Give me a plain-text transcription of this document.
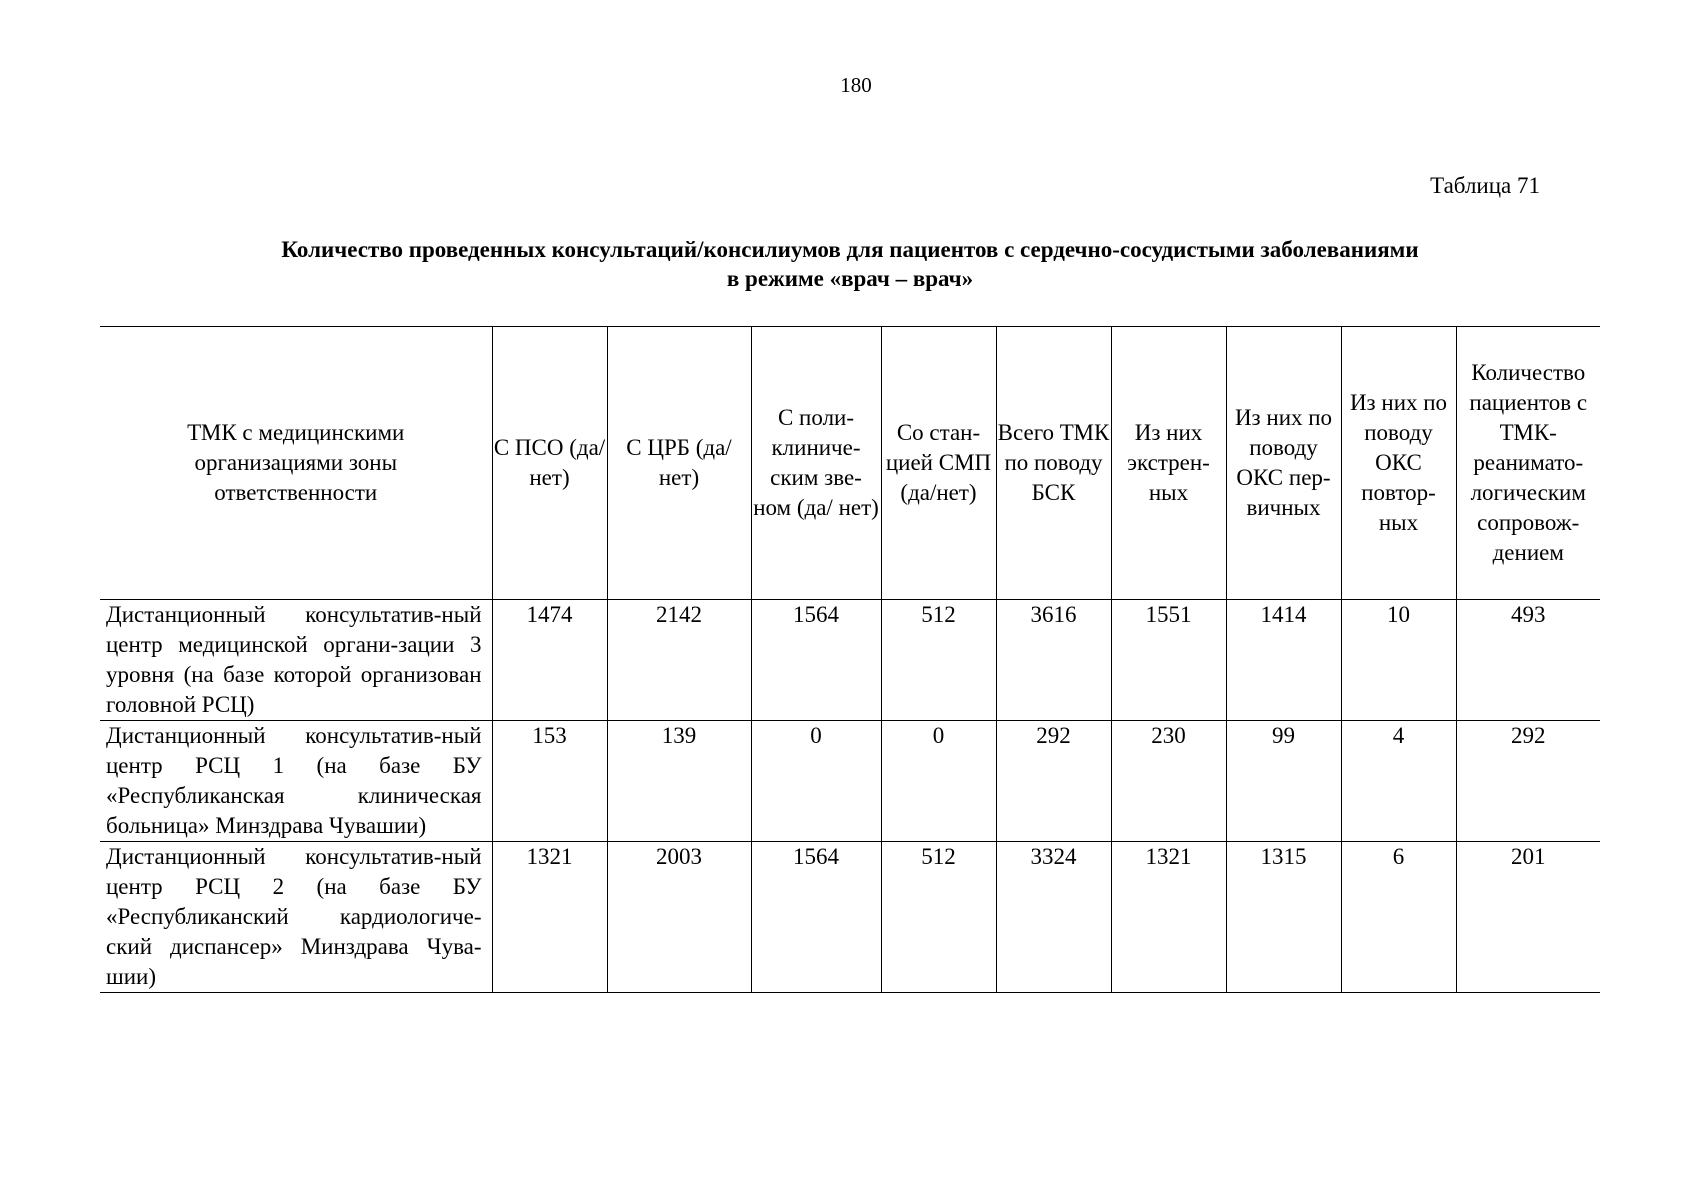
180
Таблица 71
Количество проведенных консультаций/консилиумов для пациентов с сердечно-сосудистыми заболеваниями
в режиме «врач – врач»
ТМК с медицинскими организациями зоны ответственности	С ПСО (да/ нет)	С ЦРБ (да/ нет)	С поли-клиниче-ским зве-ном (да/ нет)	Со стан-цией СМП (да/нет)	Всего ТМК по поводу БСК	Из них экстрен-ных	Из них по поводу ОКС пер-вичных	Из них по поводу ОКС повтор-ных	Количество пациентов с ТМК-реанимато-логическим сопровож-дением
Дистанционный консультатив-ный центр медицинской органи-зации 3 уровня (на базе которой организован головной РСЦ)	1474	2142	1564	512	3616	1551	1414	10	493
Дистанционный консультатив-ный центр РСЦ 1 (на базе БУ «Республиканская клиническая больница» Минздрава Чувашии)	153	139	0	0	292	230	99	4	292
Дистанционный консультатив-ный центр РСЦ 2 (на базе БУ «Республиканский кардиологиче-ский диспансер» Минздрава Чува-шии)	1321	2003	1564	512	3324	1321	1315	6	201
